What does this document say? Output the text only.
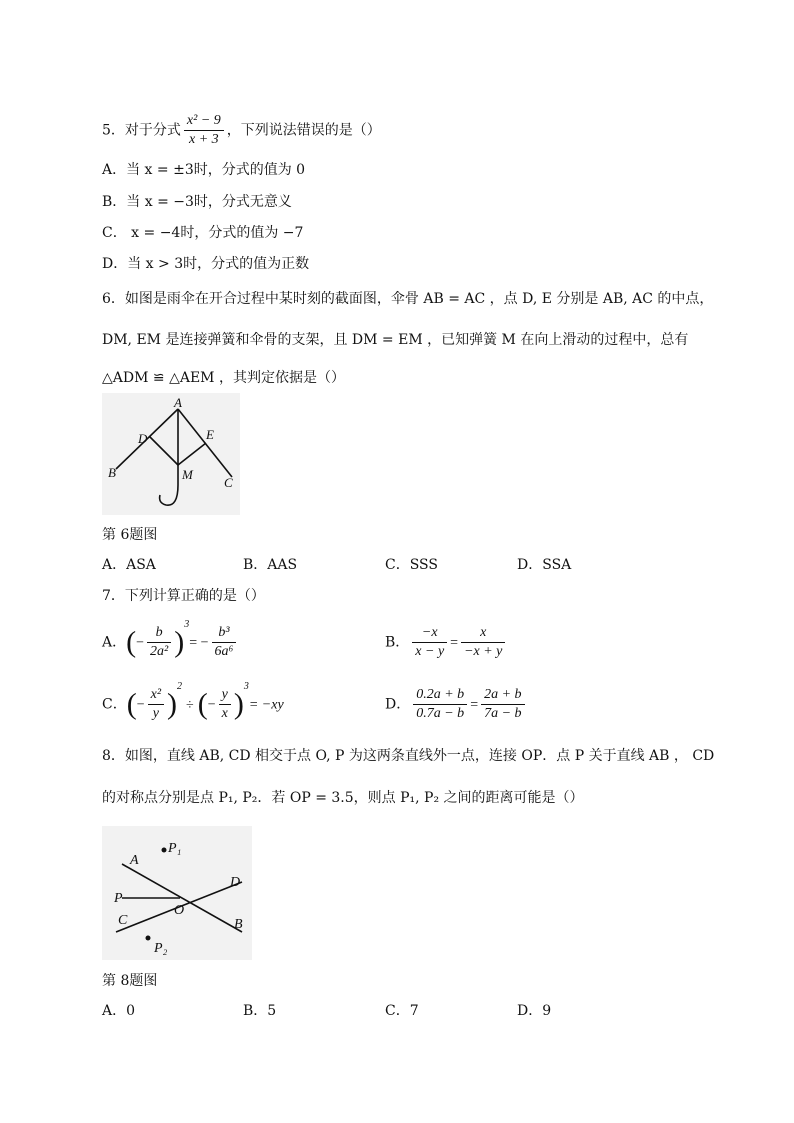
5．对于分式 $\frac{\text{x² − 9}}{x + 3}$ ，下列说法错误的是（）
A．当 x = ±3时，分式的值为 0
B．当 x = −3时，分式无意义
C． x = −4时，分式的值为 −7
D．当 x > 3时，分式的值为正数
6．如图是雨伞在开合过程中某时刻的截面图，伞骨 AB = AC ，点 D, E 分别是 AB, AC 的中点，
DM, EM 是连接弹簧和伞骨的支架，且 DM = EM ，已知弹簧 M 在向上滑动的过程中，总有
△ADM ≌ △AEM ，其判定依据是（）
A
D	E
B	M
C
第 6题图
A．ASA	B．AAS	C．SSS	D．SSA
7．下列计算正确的是（）
A．(− $\frac{b}{\text{2a²}} )^3= - \frac{\text{b³}}{\text{6a⁶}}$	B． $\frac{-x}{x - y} = \frac{x}{-x + y}$
C．(− $\frac{\text{x²}}{y} )^2\div$ (− $\frac{y}{x} )^3= -xy$	D． $\frac{0.2a + b}{0.7a - b} = \frac{2a + b}{7a - b}$
8．如图，直线 AB, CD 相交于点 O, P 为这两条直线外一点，连接 OP．点 P 关于直线 AB ， CD
的对称点分别是点 P₁, P₂．若 OP = 3.5，则点 P₁, P₂ 之间的距离可能是（）
P₁
A
D
P
O
C	B
P₂
第 8题图
A．0	B．5	C．7	D．9
